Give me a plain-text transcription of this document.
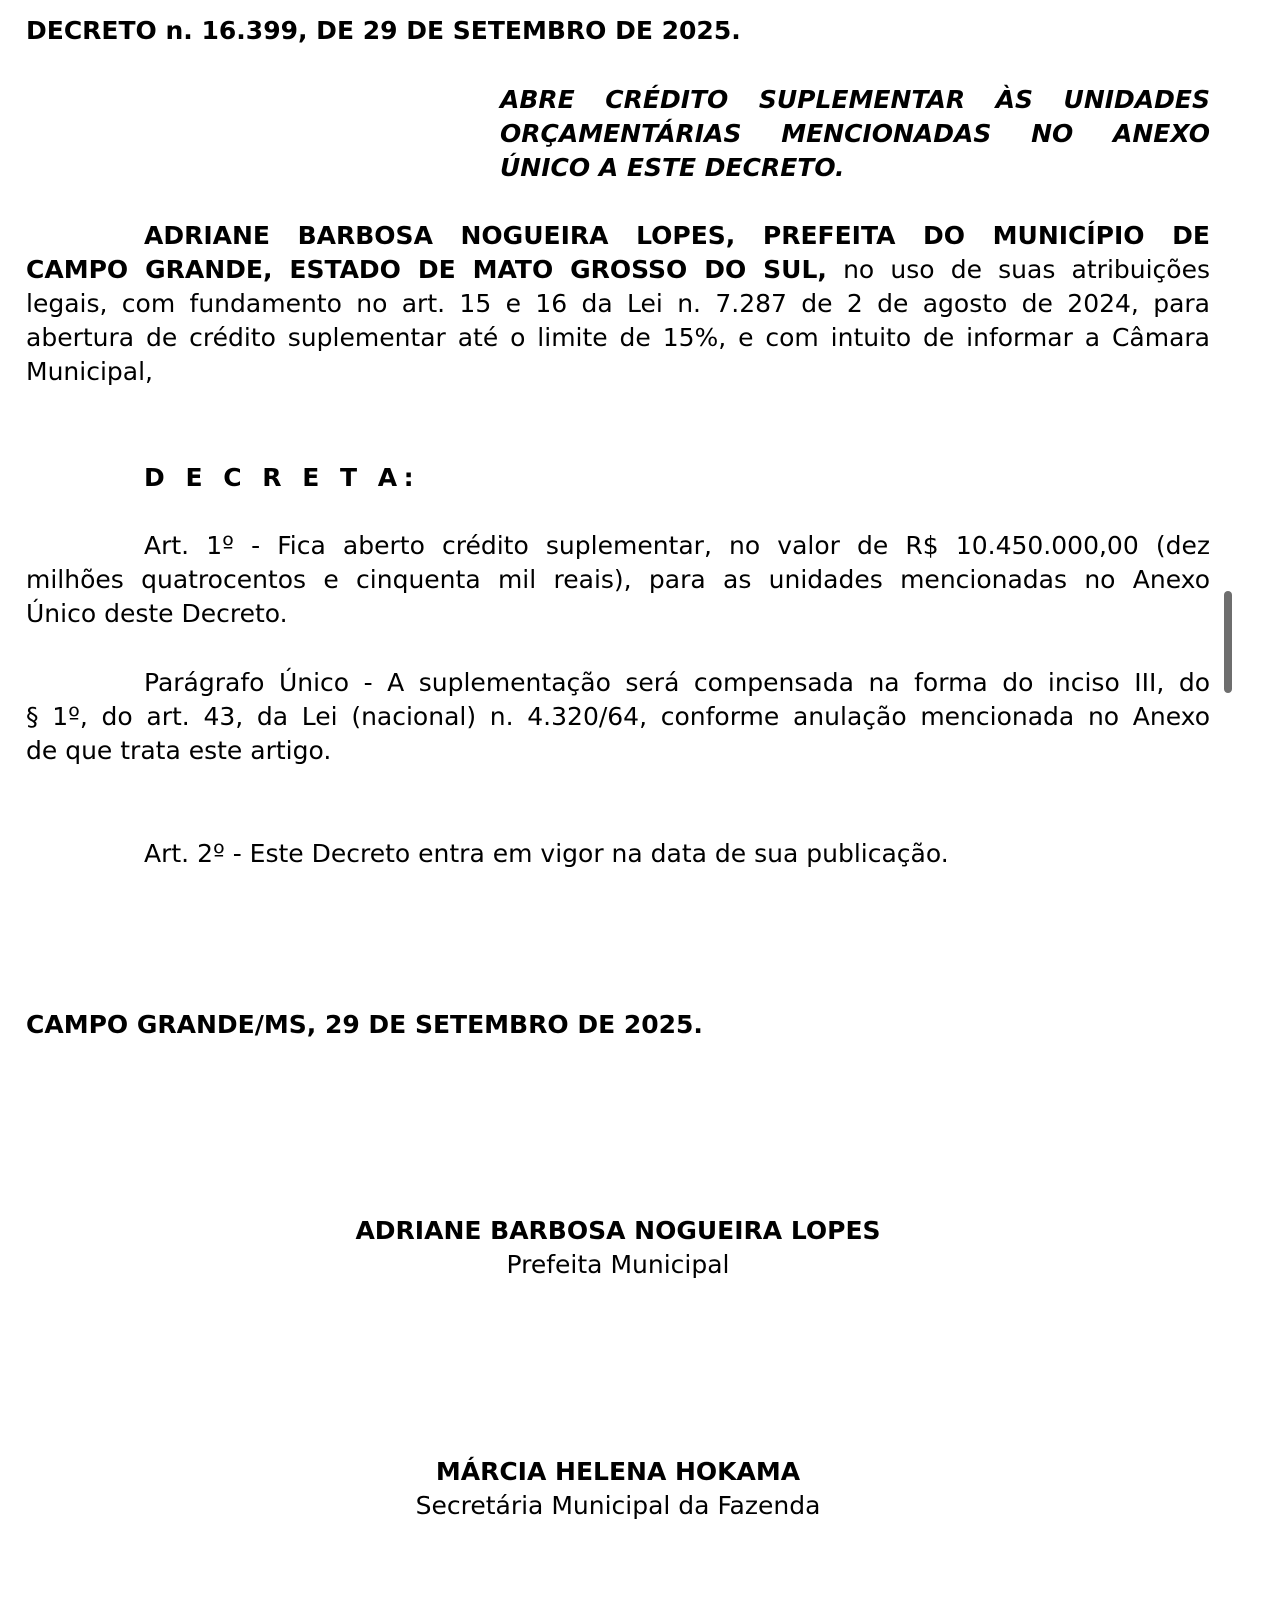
DECRETO n. 16.399, DE 29 DE SETEMBRO DE 2025.
ABRE CRÉDITO SUPLEMENTAR ÀS UNIDADES
ORÇAMENTÁRIAS MENCIONADAS NO ANEXO
ÚNICO A ESTE DECRETO.
ADRIANE BARBOSA NOGUEIRA LOPES, PREFEITA DO MUNICÍPIO DE
CAMPO GRANDE, ESTADO DE MATO GROSSO DO SUL, no uso de suas atribuições
legais, com fundamento no art. 15 e 16 da Lei n. 7.287 de 2 de agosto de 2024, para
abertura de crédito suplementar até o limite de 15%, e com intuito de informar a Câmara
Municipal,
D E C R E T A:
Art. 1º - Fica aberto crédito suplementar, no valor de R$ 10.450.000,00 (dez
milhões quatrocentos e cinquenta mil reais), para as unidades mencionadas no Anexo
Único deste Decreto.
Parágrafo Único - A suplementação será compensada na forma do inciso III, do
§ 1º, do art. 43, da Lei (nacional) n. 4.320/64, conforme anulação mencionada no Anexo
de que trata este artigo.
Art. 2º - Este Decreto entra em vigor na data de sua publicação.
CAMPO GRANDE/MS, 29 DE SETEMBRO DE 2025.
ADRIANE BARBOSA NOGUEIRA LOPES
Prefeita Municipal
MÁRCIA HELENA HOKAMA
Secretária Municipal da Fazenda
